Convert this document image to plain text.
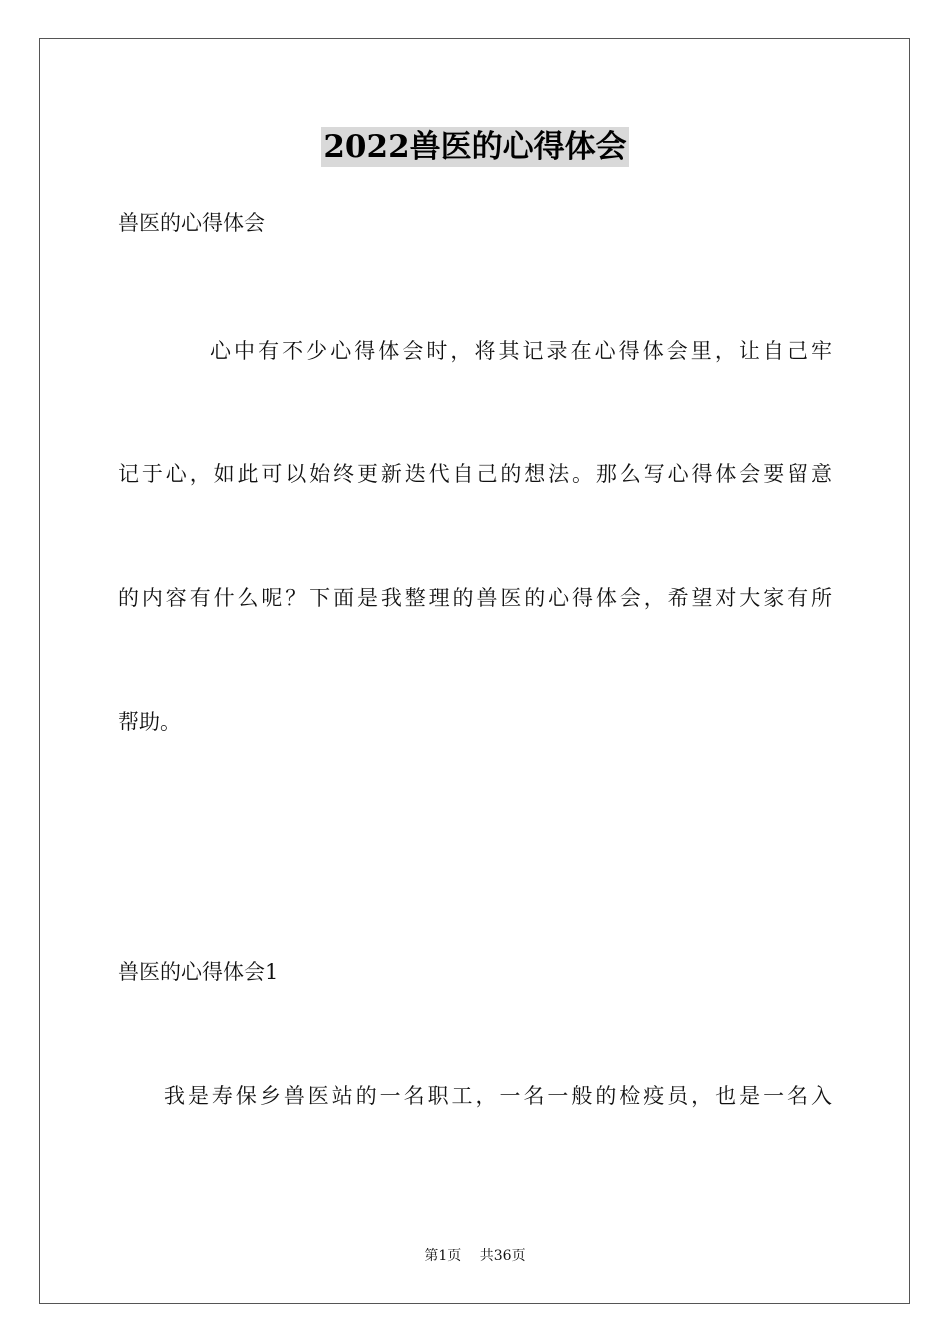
2022兽医的心得体会
兽医的心得体会
心中有不少心得体会时，将其记录在心得体会里，让自己牢
记于心，如此可以始终更新迭代自己的想法。那么写心得体会要留意
的内容有什么呢？下面是我整理的兽医的心得体会，希望对大家有所
帮助。
兽医的心得体会1
我是寿保乡兽医站的一名职工，一名一般的检疫员，也是一名入
第1页 共36页
